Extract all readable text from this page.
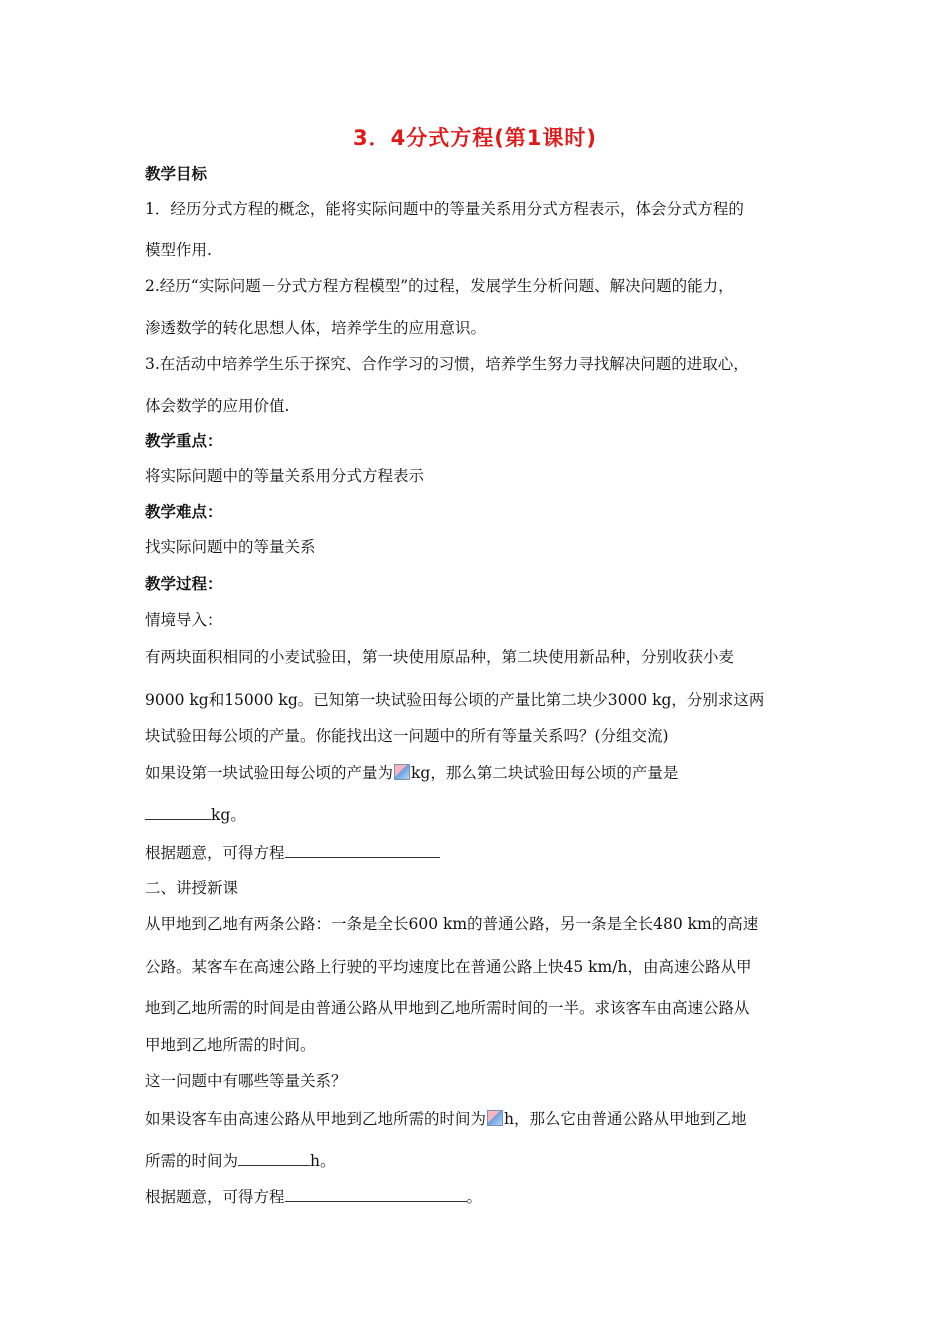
3．4分式方程(第1课时)
教学目标
1．经历分式方程的概念，能将实际问题中的等量关系用分式方程表示，体会分式方程的
模型作用.
2.经历“实际问题－分式方程方程模型”的过程，发展学生分析问题、解决问题的能力，
渗透数学的转化思想人体，培养学生的应用意识。
3.在活动中培养学生乐于探究、合作学习的习惯，培养学生努力寻找解决问题的进取心，
体会数学的应用价值.
教学重点：
将实际问题中的等量关系用分式方程表示
教学难点：
找实际问题中的等量关系
教学过程：
情境导入：
有两块面积相同的小麦试验田，第一块使用原品种，第二块使用新品种，分别收获小麦
9000 kg和15000 kg。已知第一块试验田每公顷的产量比第二块少3000 kg，分别求这两
块试验田每公顷的产量。你能找出这一问题中的所有等量关系吗？(分组交流)
如果设第一块试验田每公顷的产量为 kg，那么第二块试验田每公顷的产量是
kg。
根据题意，可得方程
二、讲授新课
从甲地到乙地有两条公路：一条是全长600 km的普通公路，另一条是全长480 km的高速
公路。某客车在高速公路上行驶的平均速度比在普通公路上快45 km/h，由高速公路从甲
地到乙地所需的时间是由普通公路从甲地到乙地所需时间的一半。求该客车由高速公路从
甲地到乙地所需的时间。
这一问题中有哪些等量关系？
如果设客车由高速公路从甲地到乙地所需的时间为 h，那么它由普通公路从甲地到乙地
所需的时间为	h。
根据题意，可得方程	。
